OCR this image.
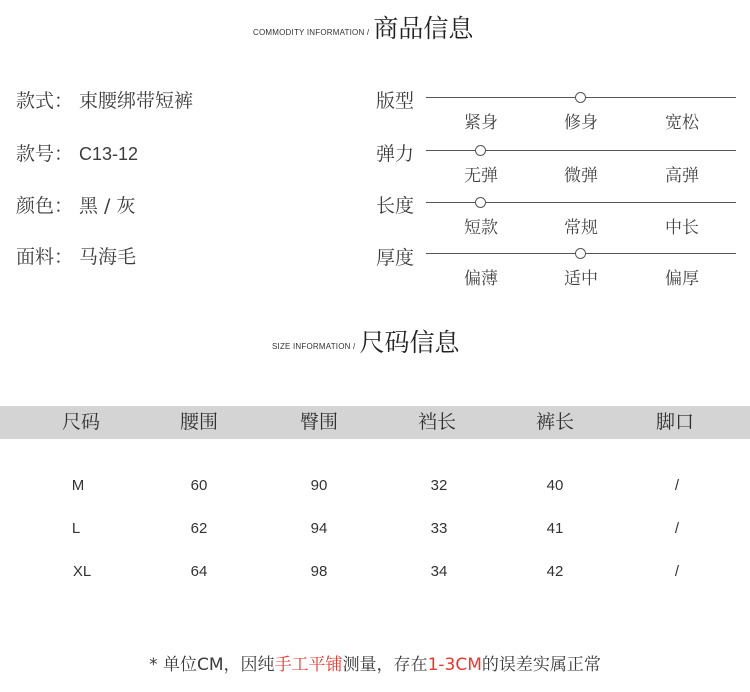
COMMODITY INFORMATION / 商品信息
款式： 束腰绑带短裤
款号： C13-12
颜色： 黑 / 灰
面料： 马海毛
版型
紧身	修身	宽松
弹力
无弹	微弹	高弹
长度
短款	常规	中长
厚度
偏薄	适中	偏厚
SIZE INFORMATION / 尺码信息
尺码	腰围	臀围	裆长	裤长	脚口
M	60	90	32	40	/
L	62	94	33	41	/
XL	64	98	34	42	/
* 单位CM，因纯手工平铺测量，存在1-3CM的误差实属正常
